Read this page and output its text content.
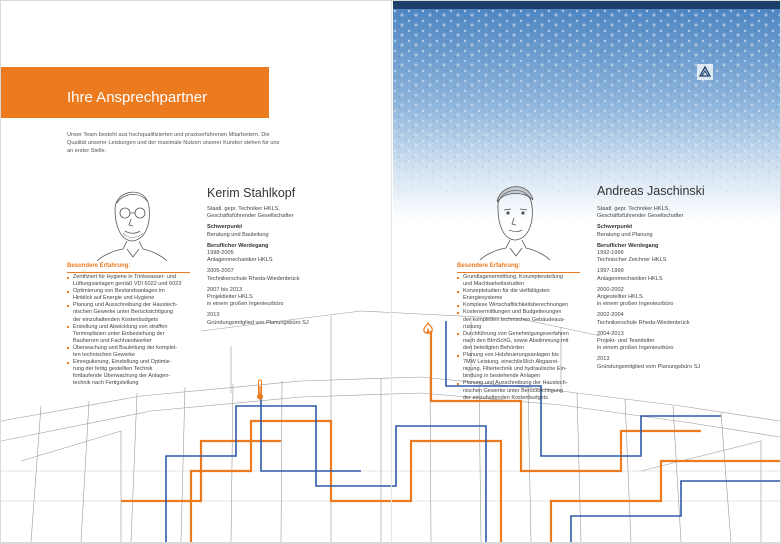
Ihre Ansprechpartner

Unser Team besteht aus hochqualifizierten und praxiserfahrenen Mitarbeitern. Die Qualität unserer Leistungen und der maximale Nutzen unserer Kunden stehen für uns an erster Stelle.

Kerim Stahlkopf
Staatl. gepr. Techniker HKLS,
Geschäftsführender Gesellschafter
Schwerpunkt
Beratung und Bauleitung
Beruflicher Werdegang
1998-2005
Anlagenmechaniker HKLS
2005-2007
Technikerschule Rheda-Wiedenbrück
2007 bis 2013
Projektleiter HKLS
in einem großen Ingenieurbüro
2013
Gründungsmitglied von Planungsbüro SJ
Besondere Erfahrung:
Zertifiziert für Hygiene in Trinkwasser- und
Lüftungsanlagen gemäß VDI 6022 und 6023
Optimierung von Bestandsanlagen im
Hinblick auf Energie und Hygiene
Planung und Ausschreibung der Haustech-
nischen Gewerke unter Berücksichtigung
der einzuhaltenden Kostenbudgets
Erstellung und Abwicklung von straffen
Terminplänen unter Einbeziehung der
Bauherren und Fachhandwerker
Überwachung und Bauleitung der komplet-
ten technischen Gewerke
Einregulierung, Einstellung und Optimie-
rung der fertig gestellten Technik
fortlaufende Überwachung der Anlagen-
technik nach Fertigstellung
Andreas Jaschinski
Staatl. gepr. Techniker HKLS,
Geschäftsführender Gesellschafter
Schwerpunkt
Beratung und Planung
Beruflicher Werdegang
1992-1996
Technischer Zeichner HKLS
1997-1999
Anlagenmechaniker HKLS
2000-2002
Angestellter HKLS
in einem großen Ingenieurbüro
2002-2004
Technikerschule Rheda-Wiedenbrück
2004-2013
Projekt- und Teamleiter
in einem großen Ingenieurbüro
2013
Gründungsmitglied vom Planungsbüro SJ
Besondere Erfahrung:
Grundlagenermittlung, Konzepterstellung
und Machbarkeitsstudien
Konzeptstudien für die vielfältigsten
Energiesysteme
Komplexe Wirtschaftlichkeitsberechnungen
Kostenermittlungen und Budgetierungen
der kompletten technischen Gebäudeaus-
rüstung
Durchführung von Genehmigungsverfahren
nach den BImSchG, sowie Abstimmung mit
den beteiligten Behörden
Planung von Holzfeuerungsanlagen bis
7MW Leistung, einschließlich Abgasrei-
nigung, Filtertechnik und hydraulische Ein-
bindung in bestehende Anlagen
Planung und Ausschreibung der Haustech-
nischen Gewerke unter Berücksichtigung
der einzuhaltenden Kostenbudgets
